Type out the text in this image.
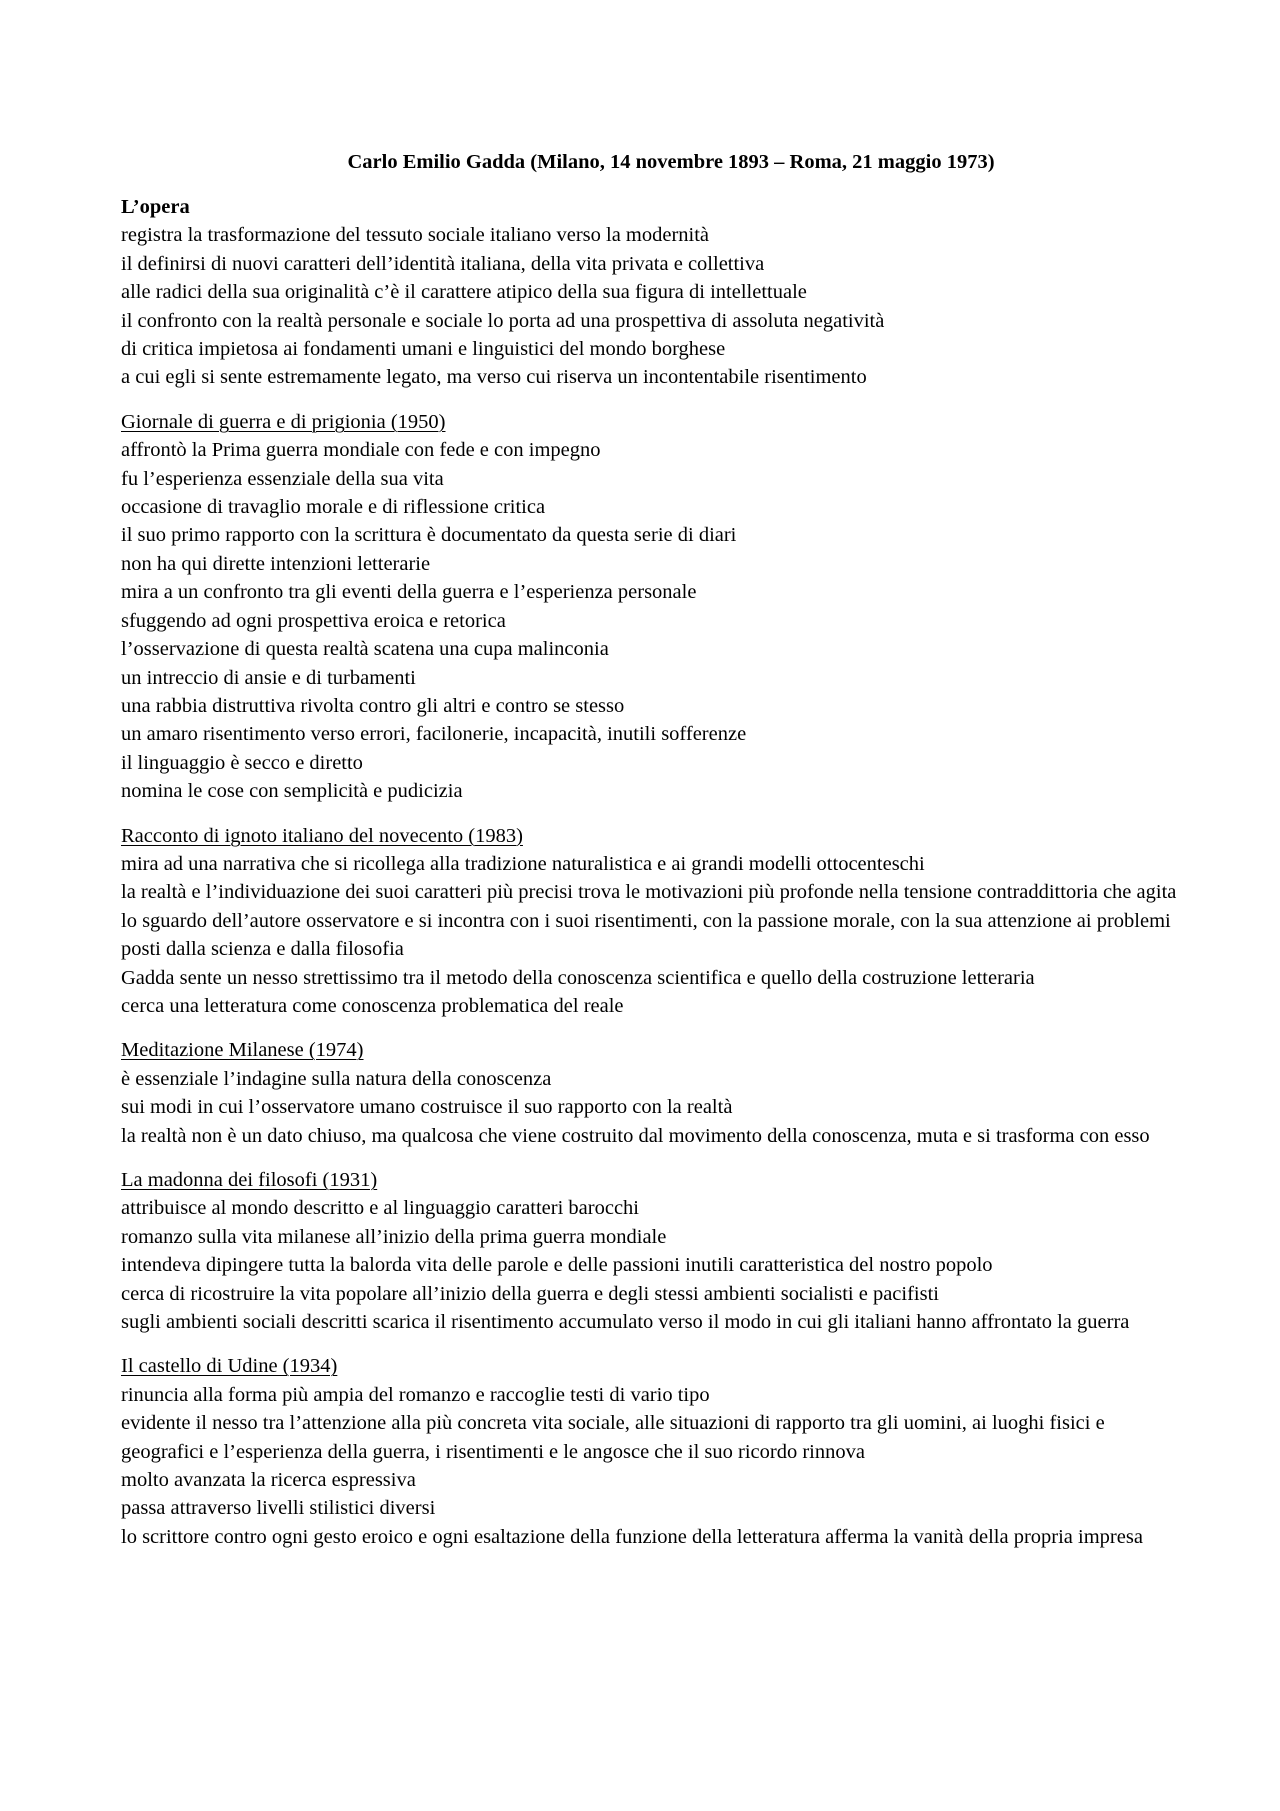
Carlo Emilio Gadda (Milano, 14 novembre 1893 – Roma, 21 maggio 1973)
L’opera
registra la trasformazione del tessuto sociale italiano verso la modernità
il definirsi di nuovi caratteri dell’identità italiana, della vita privata e collettiva
alle radici della sua originalità c’è il carattere atipico della sua figura di intellettuale
il confronto con la realtà personale e sociale lo porta ad una prospettiva di assoluta negatività
di critica impietosa ai fondamenti umani e linguistici del mondo borghese
a cui egli si sente estremamente legato, ma verso cui riserva un incontentabile risentimento
Giornale di guerra e di prigionia (1950)
affrontò la Prima guerra mondiale con fede e con impegno
fu l’esperienza essenziale della sua vita
occasione di travaglio morale e di riflessione critica
il suo primo rapporto con la scrittura è documentato da questa serie di diari
non ha qui dirette intenzioni letterarie
mira a un confronto tra gli eventi della guerra e l’esperienza personale
sfuggendo ad ogni prospettiva eroica e retorica
l’osservazione di questa realtà scatena una cupa malinconia
un intreccio di ansie e di turbamenti
una rabbia distruttiva rivolta contro gli altri e contro se stesso
un amaro risentimento verso errori, facilonerie, incapacità, inutili sofferenze
il linguaggio è secco e diretto
nomina le cose con semplicità e pudicizia
Racconto di ignoto italiano del novecento (1983)
mira ad una narrativa che si ricollega alla tradizione naturalistica e ai grandi modelli ottocenteschi
la realtà e l’individuazione dei suoi caratteri più precisi trova le motivazioni più profonde nella tensione contraddittoria che agita lo sguardo dell’autore osservatore e si incontra con i suoi risentimenti, con la passione morale, con la sua attenzione ai problemi posti dalla scienza e dalla filosofia
Gadda sente un nesso strettissimo tra il metodo della conoscenza scientifica e quello della costruzione letteraria
cerca una letteratura come conoscenza problematica del reale
Meditazione Milanese (1974)
è essenziale l’indagine sulla natura della conoscenza
sui modi in cui l’osservatore umano costruisce il suo rapporto con la realtà
la realtà non è un dato chiuso, ma qualcosa che viene costruito dal movimento della conoscenza, muta e si trasforma con esso
La madonna dei filosofi (1931)
attribuisce al mondo descritto e al linguaggio caratteri barocchi
romanzo sulla vita milanese all’inizio della prima guerra mondiale
intendeva dipingere tutta la balorda vita delle parole e delle passioni inutili caratteristica del nostro popolo
cerca di ricostruire la vita popolare all’inizio della guerra e degli stessi ambienti socialisti e pacifisti
sugli ambienti sociali descritti scarica il risentimento accumulato verso il modo in cui gli italiani hanno affrontato la guerra
Il castello di Udine (1934)
rinuncia alla forma più ampia del romanzo e raccoglie testi di vario tipo
evidente il nesso tra l’attenzione alla più concreta vita sociale, alle situazioni di rapporto tra gli uomini, ai luoghi fisici e geografici e l’esperienza della guerra, i risentimenti e le angosce che il suo ricordo rinnova
molto avanzata la ricerca espressiva
passa attraverso livelli stilistici diversi
lo scrittore contro ogni gesto eroico e ogni esaltazione della funzione della letteratura afferma la vanità della propria impresa
